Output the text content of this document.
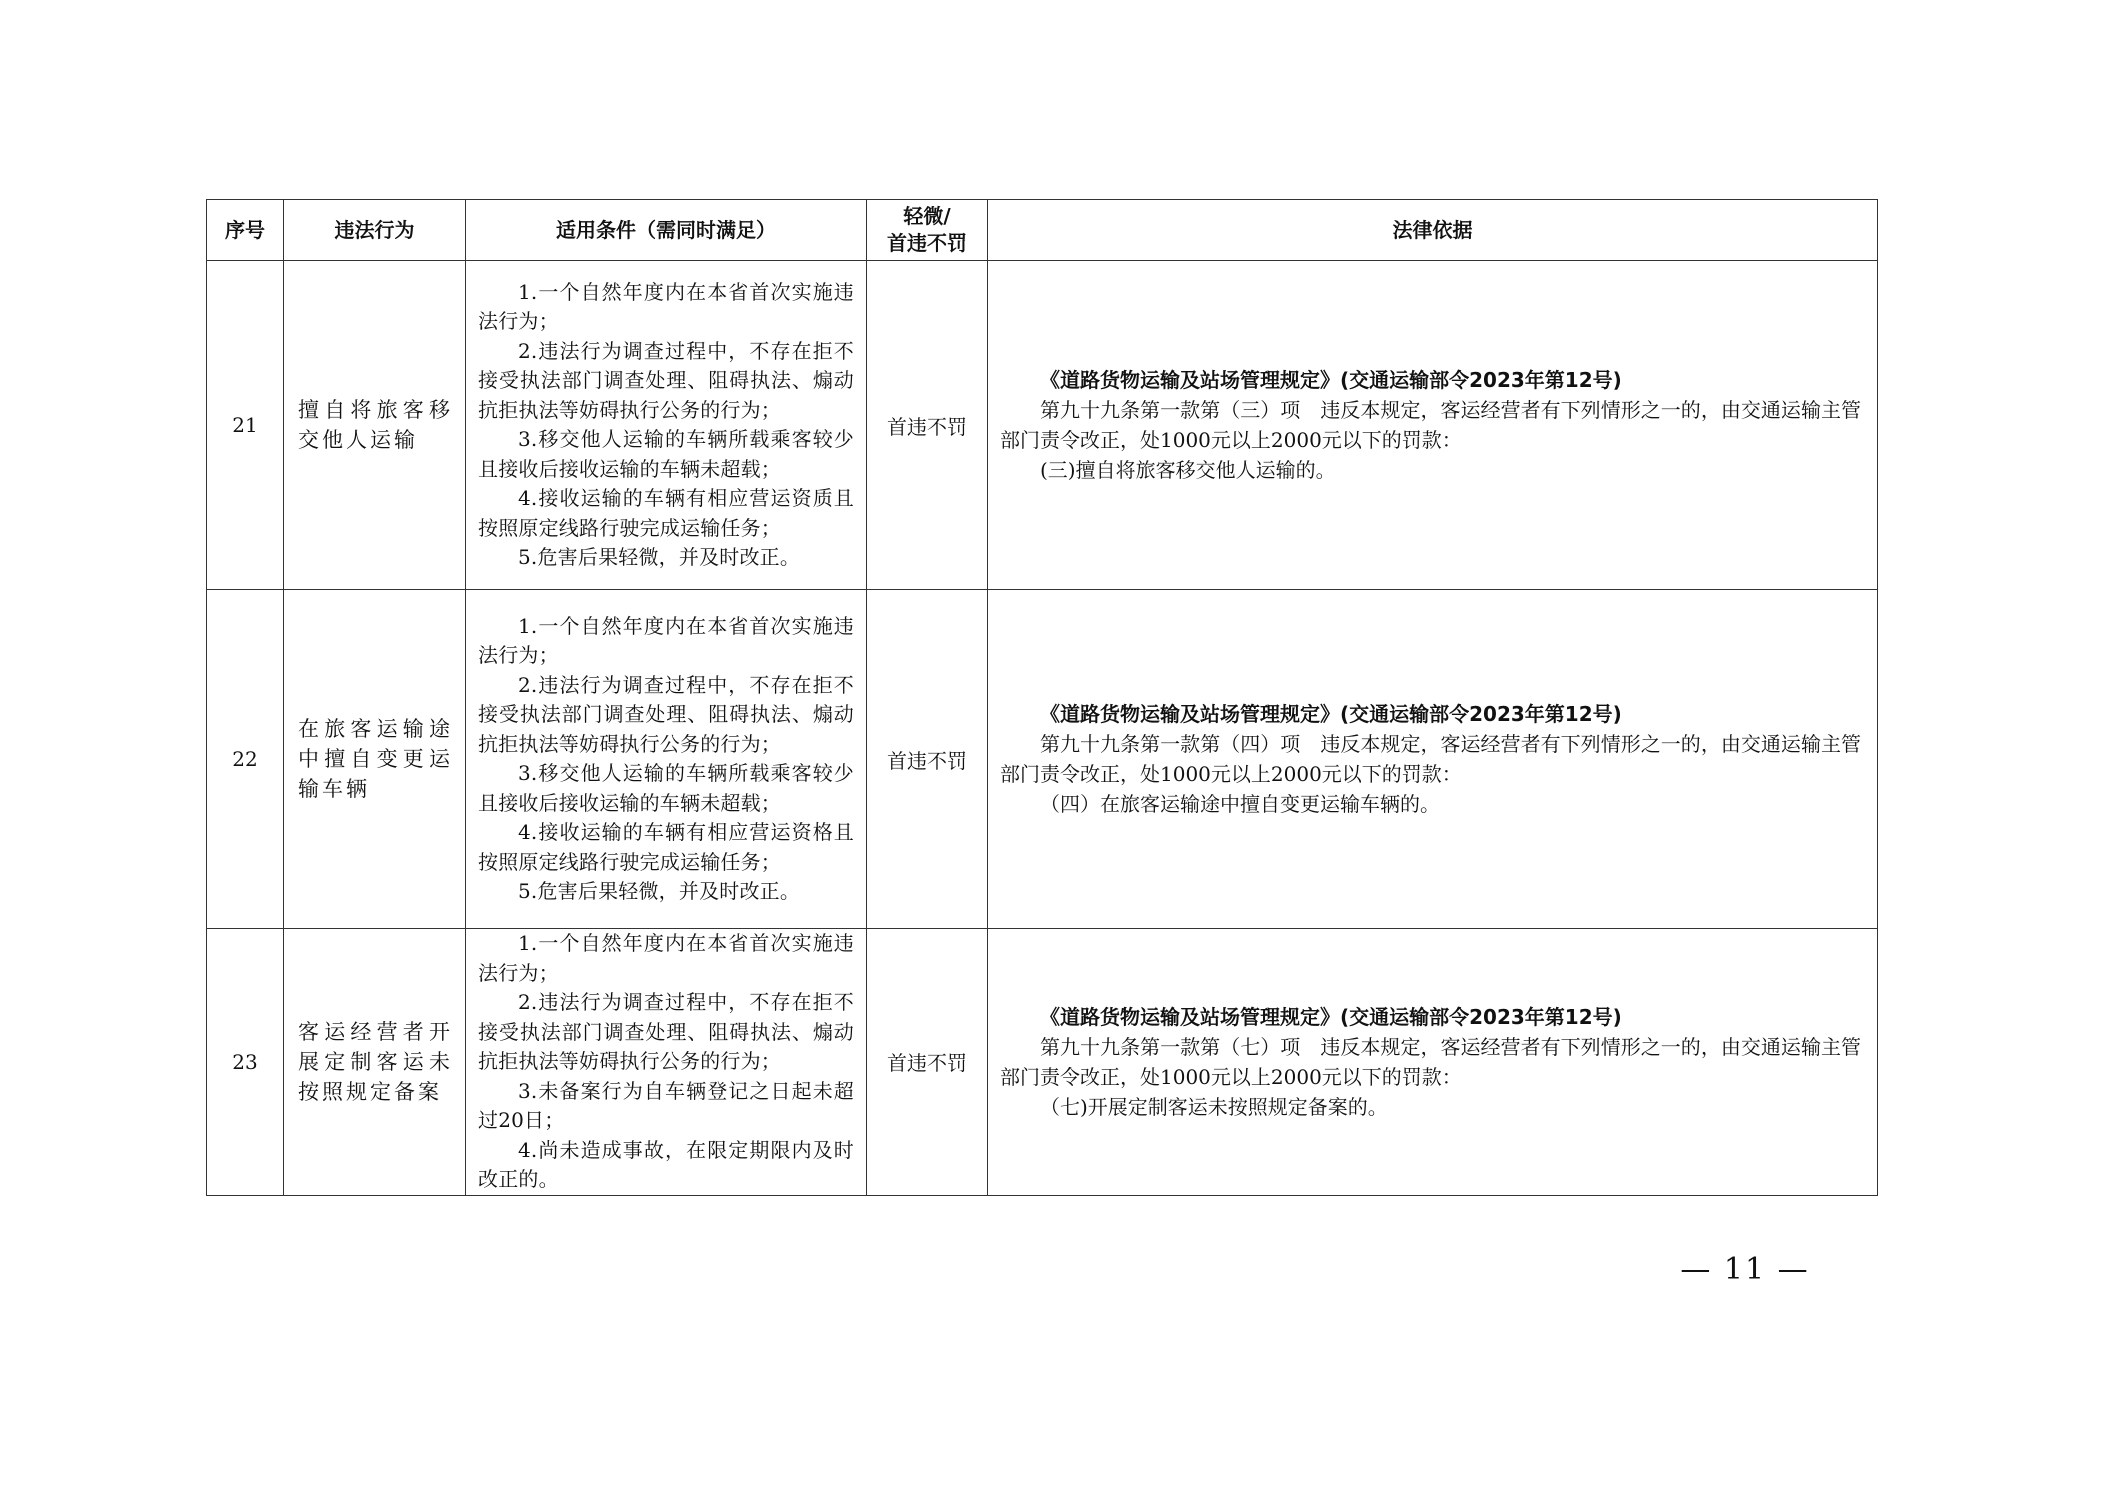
序号	违法行为	适用条件（需同时满足）	轻微/
首违不罚	法律依据
21	擅自将旅客移交他人运输	1.一个自然年度内在本省首次实施违法行为；
2.违法行为调查过程中，不存在拒不接受执法部门调查处理、阻碍执法、煽动抗拒执法等妨碍执行公务的行为；
3.移交他人运输的车辆所载乘客较少且接收后接收运输的车辆未超载；
4.接收运输的车辆有相应营运资质且按照原定线路行驶完成运输任务；
5.危害后果轻微，并及时改正。	首违不罚	《道路货物运输及站场管理规定》(交通运输部令2023年第12号)
第九十九条第一款第（三）项　违反本规定，客运经营者有下列情形之一的，由交通运输主管部门责令改正，处1000元以上2000元以下的罚款：
(三)擅自将旅客移交他人运输的。

22	在旅客运输途中擅自变更运输车辆	1.一个自然年度内在本省首次实施违法行为；
2.违法行为调查过程中，不存在拒不接受执法部门调查处理、阻碍执法、煽动抗拒执法等妨碍执行公务的行为；
3.移交他人运输的车辆所载乘客较少且接收后接收运输的车辆未超载；
4.接收运输的车辆有相应营运资格且按照原定线路行驶完成运输任务；
5.危害后果轻微，并及时改正。	首违不罚	《道路货物运输及站场管理规定》(交通运输部令2023年第12号)
第九十九条第一款第（四）项　违反本规定，客运经营者有下列情形之一的，由交通运输主管部门责令改正，处1000元以上2000元以下的罚款：
（四）在旅客运输途中擅自变更运输车辆的。

23	客运经营者开展定制客运未按照规定备案	1.一个自然年度内在本省首次实施违法行为；
2.违法行为调查过程中，不存在拒不接受执法部门调查处理、阻碍执法、煽动抗拒执法等妨碍执行公务的行为；
3.未备案行为自车辆登记之日起未超过20日；
4.尚未造成事故，在限定期限内及时改正的。	首违不罚	《道路货物运输及站场管理规定》(交通运输部令2023年第12号)
第九十九条第一款第（七）项　违反本规定，客运经营者有下列情形之一的，由交通运输主管部门责令改正，处1000元以上2000元以下的罚款：
（七)开展定制客运未按照规定备案的。
— 11 —
